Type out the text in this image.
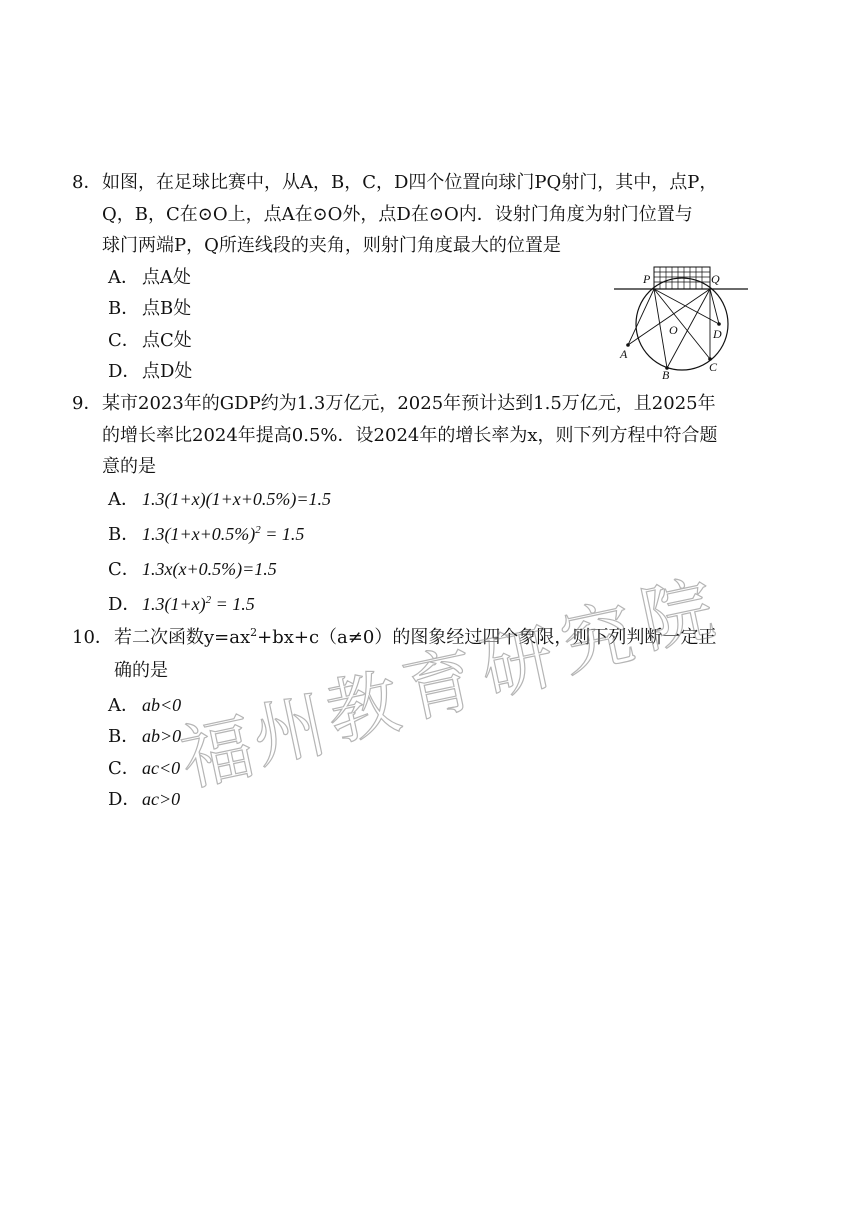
8． 如图，在足球比赛中，从A，B，C，D四个位置向球门PQ射门，其中，点P，
Q，B，C在⊙O上，点A在⊙O外，点D在⊙O内．设射门角度为射门位置与
球门两端P，Q所连线段的夹角，则射门角度最大的位置是
A． 点A处
B． 点B处
C． 点C处
D．点D处
P	Q
O	D
A
B
C
9． 某市2023年的GDP约为1.3万亿元，2025年预计达到1.5万亿元，且2025年
的增长率比2024年提高0.5%．设2024年的增长率为x，则下列方程中符合题
意的是
A． 1.3(1+x)(1+x+0.5%)=1.5
B． $1.3(1+x+0.5\%)^2 = 1.5$
C． 1.3x(x+0.5%)=1.5
D．$1.3(1+x)^2 = 1.5$
10． 若二次函数$y=ax^2+bx+c(a\ne 0)$的图象经过四个象限，则下列判断一定正
确的是
A． ab<0
B． ab>0
C． ac<0
D．ac>0
福
州
教
育
研
究
院
